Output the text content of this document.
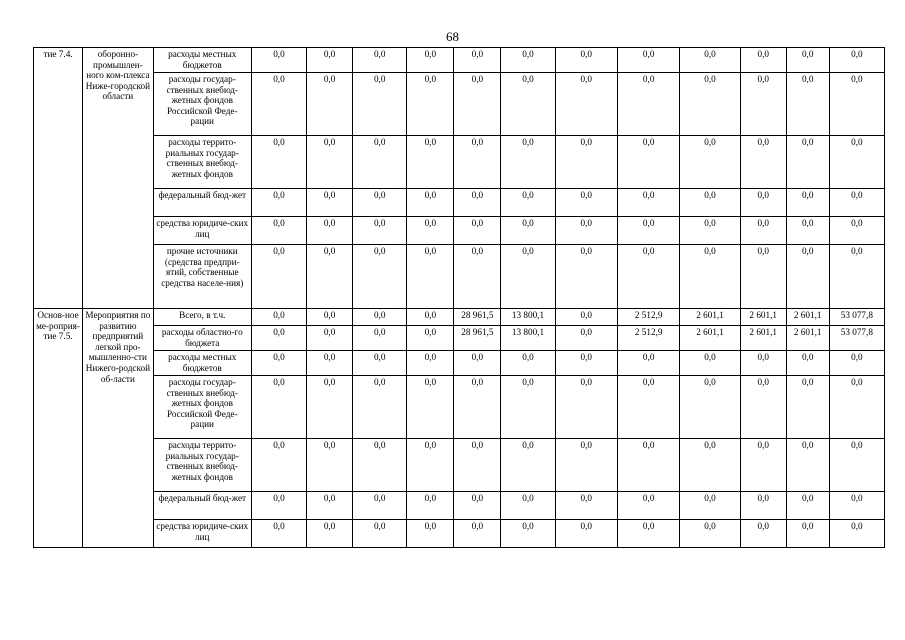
68
тие 7.4.	оборонно-промышлен-ного ком-плекса Ниже-городской области	расходы местных бюджетов	0,0	0,0	0,0	0,0	0,0	0,0	0,0	0,0	0,0	0,0	0,0	0,0
		расходы государ-ственных внебюд-жетных фондов Российской Феде-рации	0,0	0,0	0,0	0,0	0,0	0,0	0,0	0,0	0,0	0,0	0,0	0,0
		расходы террито-риальных государ-ственных внебюд-жетных фондов	0,0	0,0	0,0	0,0	0,0	0,0	0,0	0,0	0,0	0,0	0,0	0,0
		федеральный бюд-жет	0,0	0,0	0,0	0,0	0,0	0,0	0,0	0,0	0,0	0,0	0,0	0,0
		средства юридиче-ских лиц	0,0	0,0	0,0	0,0	0,0	0,0	0,0	0,0	0,0	0,0	0,0	0,0
		прочие источники (средства предпри-ятий, собственные средства населе-ния)	0,0	0,0	0,0	0,0	0,0	0,0	0,0	0,0	0,0	0,0	0,0	0,0
Основ-ное ме-роприя-тие 7.5.	Мероприятия по развитию предприятий легкой про-мышленно-сти Нижего-родской об-ласти	Всего, в т.ч.	0,0	0,0	0,0	0,0	28 961,5	13 800,1	0,0	2 512,9	2 601,1	2 601,1	2 601,1	53 077,8
		расходы областно-го бюджета	0,0	0,0	0,0	0,0	28 961,5	13 800,1	0,0	2 512,9	2 601,1	2 601,1	2 601,1	53 077,8
		расходы местных бюджетов	0,0	0,0	0,0	0,0	0,0	0,0	0,0	0,0	0,0	0,0	0,0	0,0
		расходы государ-ственных внебюд-жетных фондов Российской Феде-рации	0,0	0,0	0,0	0,0	0,0	0,0	0,0	0,0	0,0	0,0	0,0	0,0
		расходы террито-риальных государ-ственных внебюд-жетных фондов	0,0	0,0	0,0	0,0	0,0	0,0	0,0	0,0	0,0	0,0	0,0	0,0
		федеральный бюд-жет	0,0	0,0	0,0	0,0	0,0	0,0	0,0	0,0	0,0	0,0	0,0	0,0
		средства юридиче-ских лиц	0,0	0,0	0,0	0,0	0,0	0,0	0,0	0,0	0,0	0,0	0,0	0,0
